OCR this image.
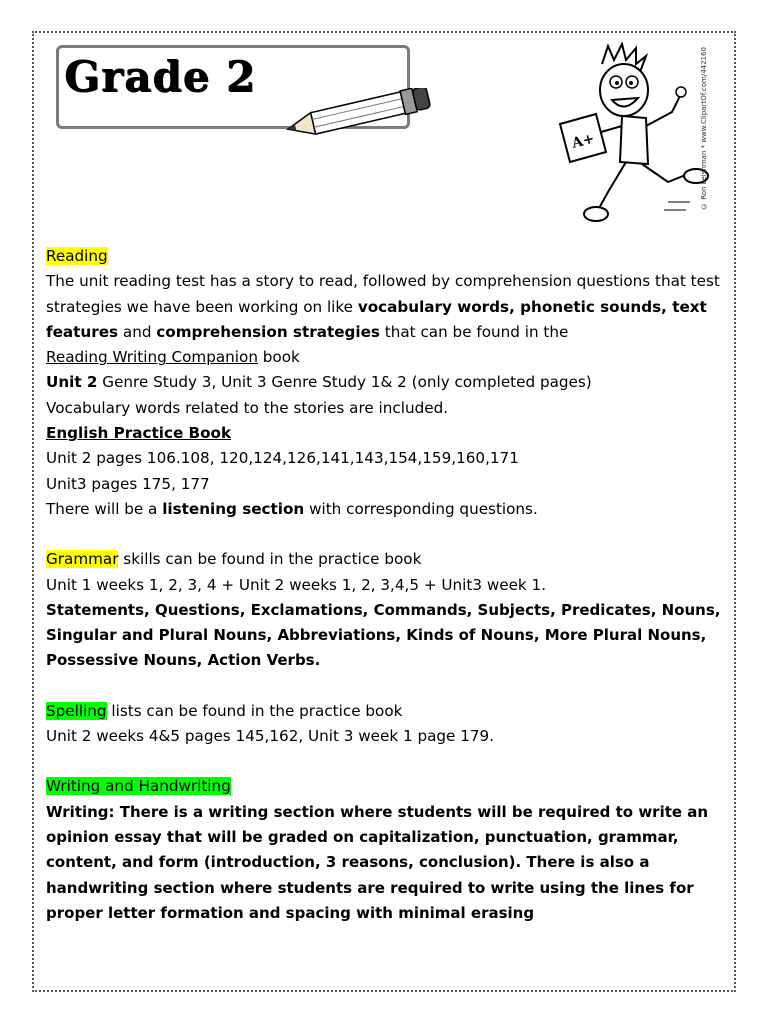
Grade 2
A+	© Ron Leishman * www.ClipartOf.com/442160

Reading

The unit reading test has a story to read, followed by comprehension questions that test strategies we have been working on like vocabulary words, phonetic sounds, text features and comprehension strategies that can be found in the
Reading Writing Companion book

Unit 2 Genre Study 3, Unit 3 Genre Study 1& 2 (only completed pages)

Vocabulary words related to the stories are included.

English Practice Book

Unit 2 pages 106.108, 120,124,126,141,143,154,159,160,171

Unit3 pages 175, 177

There will be a listening section with corresponding questions.

Grammar skills can be found in the practice book

Unit 1 weeks 1, 2, 3, 4 + Unit 2 weeks 1, 2, 3,4,5 + Unit3 week 1.

Statements, Questions, Exclamations, Commands, Subjects, Predicates, Nouns, Singular and Plural Nouns, Abbreviations, Kinds of Nouns, More Plural Nouns, Possessive Nouns, Action Verbs.

Spelling lists can be found in the practice book

Unit 2 weeks 4&5 pages 145,162, Unit 3 week 1 page 179.

Writing and Handwriting

Writing: There is a writing section where students will be required to write an opinion essay that will be graded on capitalization, punctuation, grammar, content, and form (introduction, 3 reasons, conclusion). There is also a handwriting section where students are required to write using the lines for proper letter formation and spacing with minimal erasing
